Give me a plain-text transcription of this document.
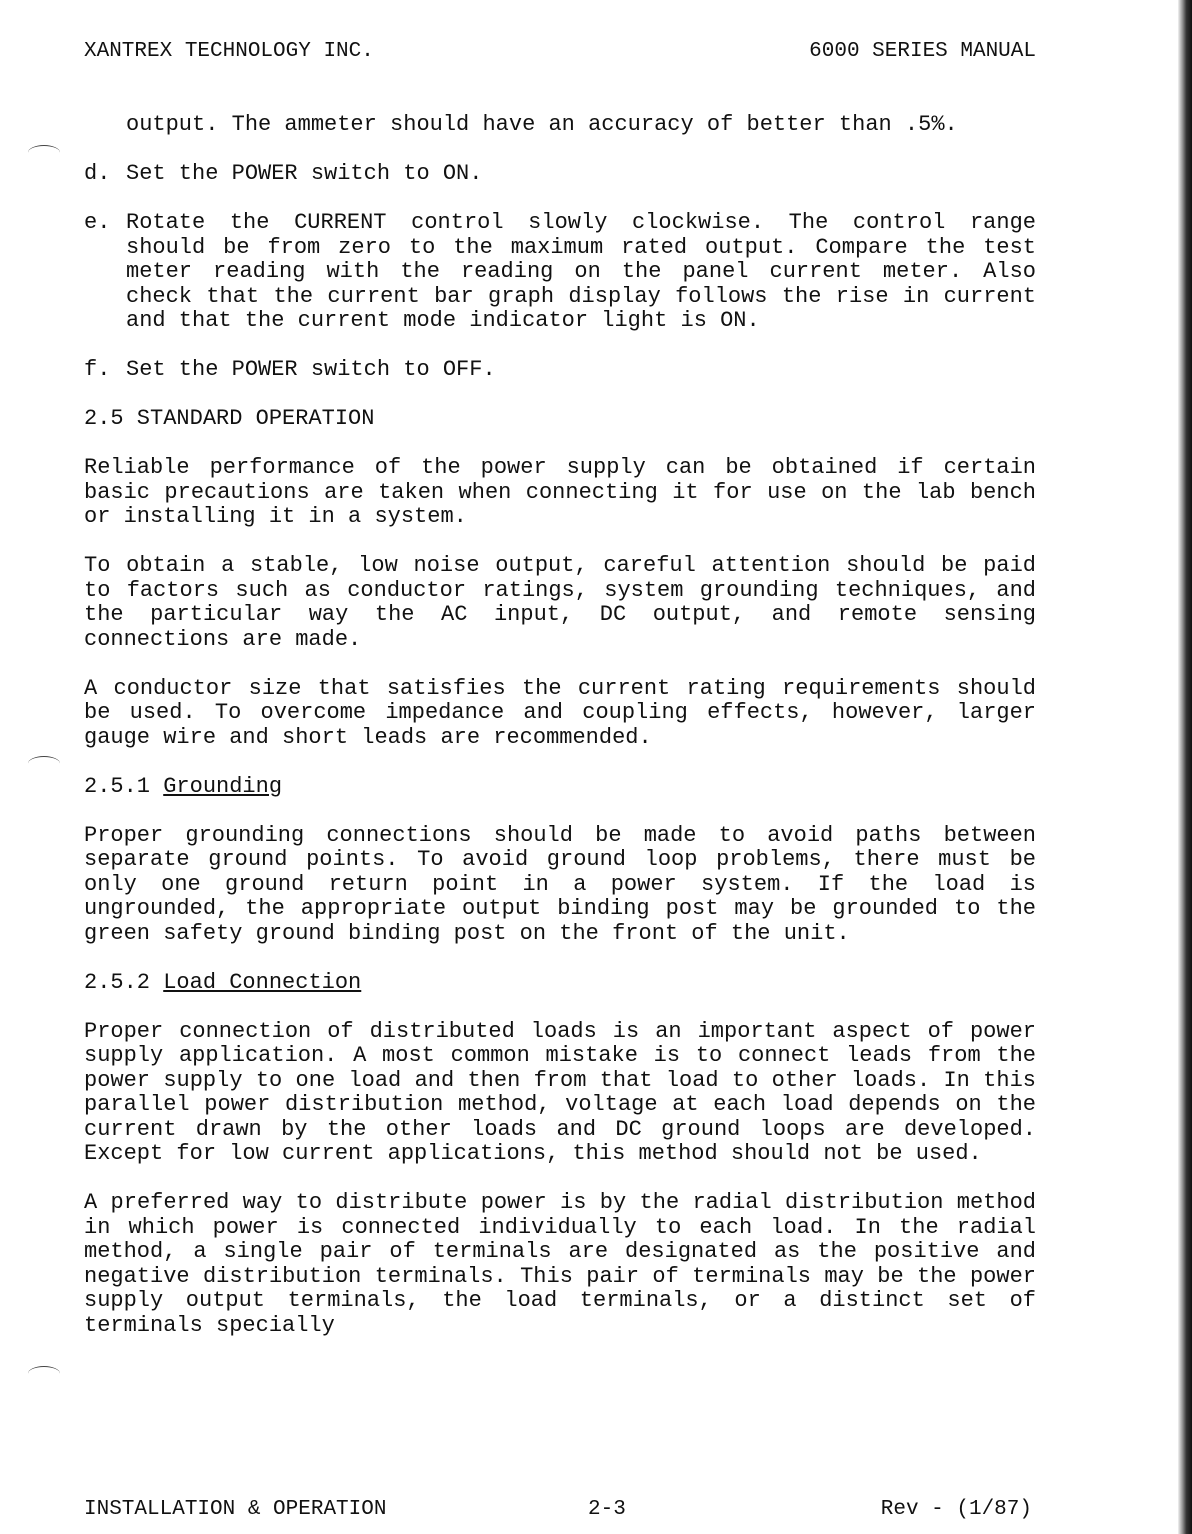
XANTREX TECHNOLOGY INC.	6000 SERIES MANUAL

output. The ammeter should have an accuracy of better than .5%.

d. Set the POWER switch to ON.
e. Rotate the CURRENT control slowly clockwise. The control range should be from zero to the maximum rated output. Compare the test meter reading with the reading on the panel current meter. Also check that the current bar graph display follows the rise in current and that the current mode indicator light is ON.
f. Set the POWER switch to OFF.

2.5 STANDARD OPERATION

Reliable performance of the power supply can be obtained if certain basic precautions are taken when connecting it for use on the lab bench or installing it in a system.

To obtain a stable, low noise output, careful attention should be paid to factors such as conductor ratings, system grounding techniques, and the particular way the AC input, DC output, and remote sensing connections are made.

A conductor size that satisfies the current rating requirements should be used. To overcome impedance and coupling effects, however, larger gauge wire and short leads are recommended.

2.5.1 Grounding

Proper grounding connections should be made to avoid paths between separate ground points. To avoid ground loop problems, there must be only one ground return point in a power system. If the load is ungrounded, the appropriate output binding post may be grounded to the green safety ground binding post on the front of the unit.

2.5.2 Load Connection

Proper connection of distributed loads is an important aspect of power supply application. A most common mistake is to connect leads from the power supply to one load and then from that load to other loads. In this parallel power distribution method, voltage at each load depends on the current drawn by the other loads and DC ground loops are developed. Except for low current applications, this method should not be used.

A preferred way to distribute power is by the radial distribution method in which power is connected individually to each load. In the radial method, a single pair of terminals are designated as the positive and negative distribution terminals. This pair of terminals may be the power supply output terminals, the load terminals, or a distinct set of terminals specially

INSTALLATION & OPERATION	2-3	Rev - (1/87)
